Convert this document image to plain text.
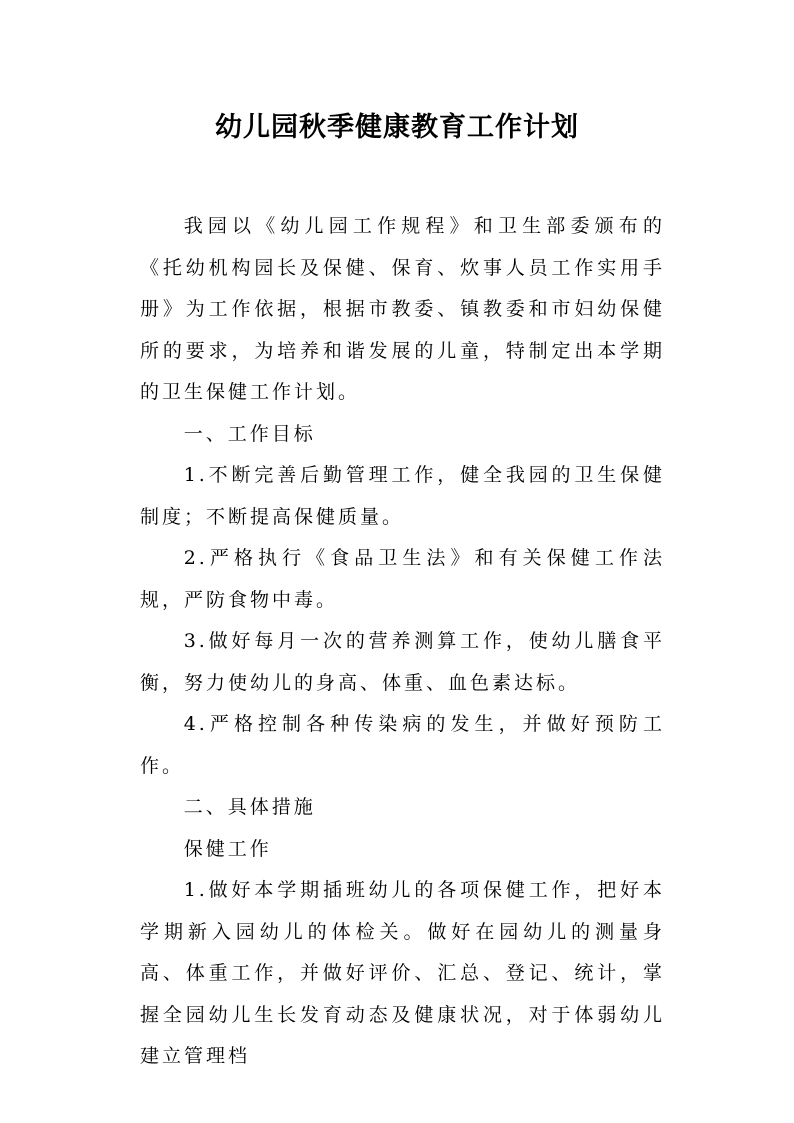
幼儿园秋季健康教育工作计划

我园以《幼儿园工作规程》和卫生部委颁布的《托幼机构园长及保健、保育、炊事人员工作实用手册》为工作依据，根据市教委、镇教委和市妇幼保健所的要求，为培养和谐发展的儿童，特制定出本学期的卫生保健工作计划。

一、工作目标

1.不断完善后勤管理工作，健全我园的卫生保健制度；不断提高保健质量。

2.严格执行《食品卫生法》和有关保健工作法规，严防食物中毒。

3.做好每月一次的营养测算工作，使幼儿膳食平衡，努力使幼儿的身高、体重、血色素达标。

4.严格控制各种传染病的发生，并做好预防工作。

二、具体措施

保健工作

1.做好本学期插班幼儿的各项保健工作，把好本学期新入园幼儿的体检关。做好在园幼儿的测量身高、体重工作，并做好评价、汇总、登记、统计，掌握全园幼儿生长发育动态及健康状况，对于体弱幼儿建立管理档
